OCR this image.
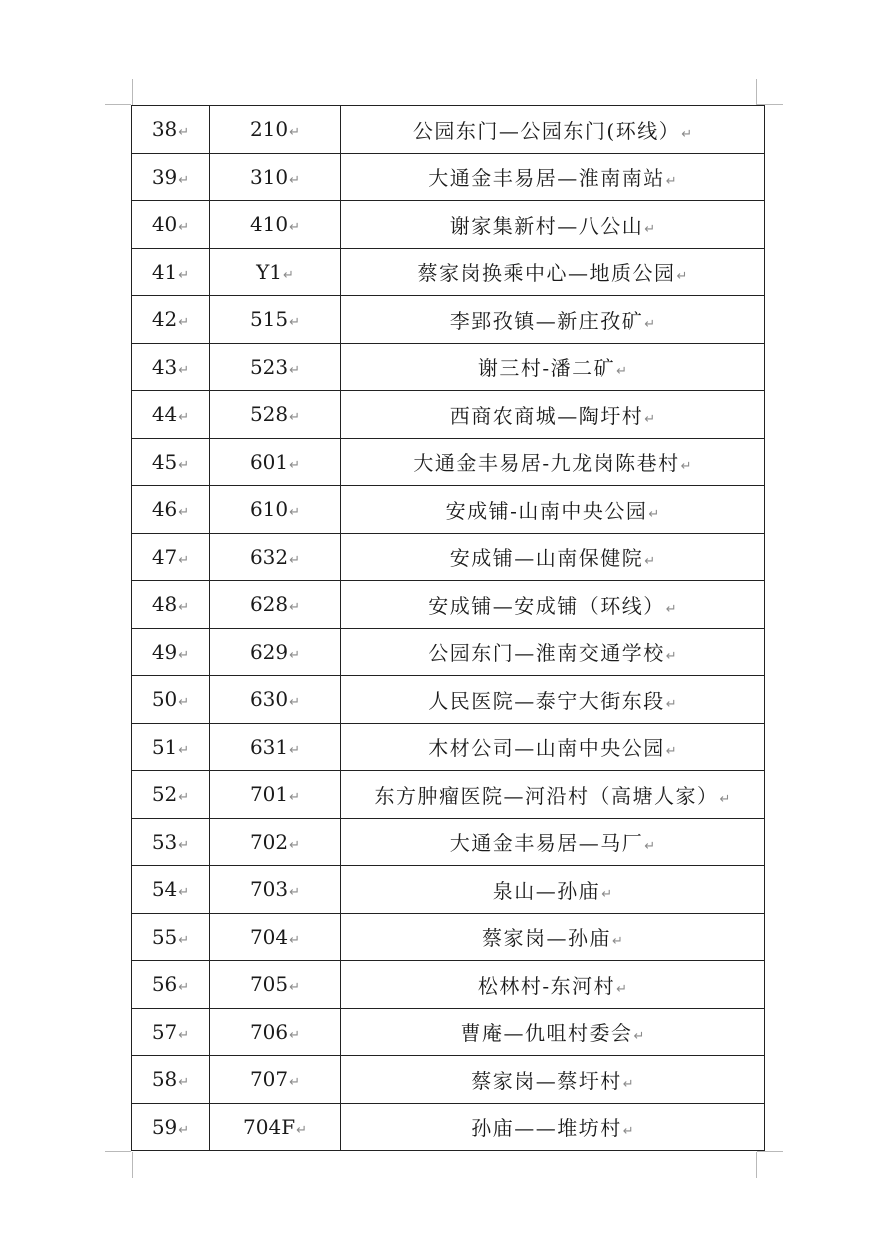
38↵	210↵	公园东门—公园东门(环线）↵
39↵	310↵	大通金丰易居—淮南南站↵
40↵	410↵	谢家集新村—八公山↵
41↵	Y1↵	蔡家岗换乘中心—地质公园↵
42↵	515↵	李郢孜镇—新庄孜矿↵
43↵	523↵	谢三村-潘二矿↵
44↵	528↵	西商农商城—陶圩村↵
45↵	601↵	大通金丰易居-九龙岗陈巷村↵
46↵	610↵	安成铺-山南中央公园↵
47↵	632↵	安成铺—山南保健院↵
48↵	628↵	安成铺—安成铺（环线）↵
49↵	629↵	公园东门—淮南交通学校↵
50↵	630↵	人民医院—泰宁大街东段↵
51↵	631↵	木材公司—山南中央公园↵
52↵	701↵	东方肿瘤医院—河沿村（高塘人家）↵
53↵	702↵	大通金丰易居—马厂↵
54↵	703↵	泉山—孙庙↵
55↵	704↵	蔡家岗—孙庙↵
56↵	705↵	松林村-东河村↵
57↵	706↵	曹庵—仇咀村委会↵
58↵	707↵	蔡家岗—蔡圩村↵
59↵	704F↵	孙庙——堆坊村↵
